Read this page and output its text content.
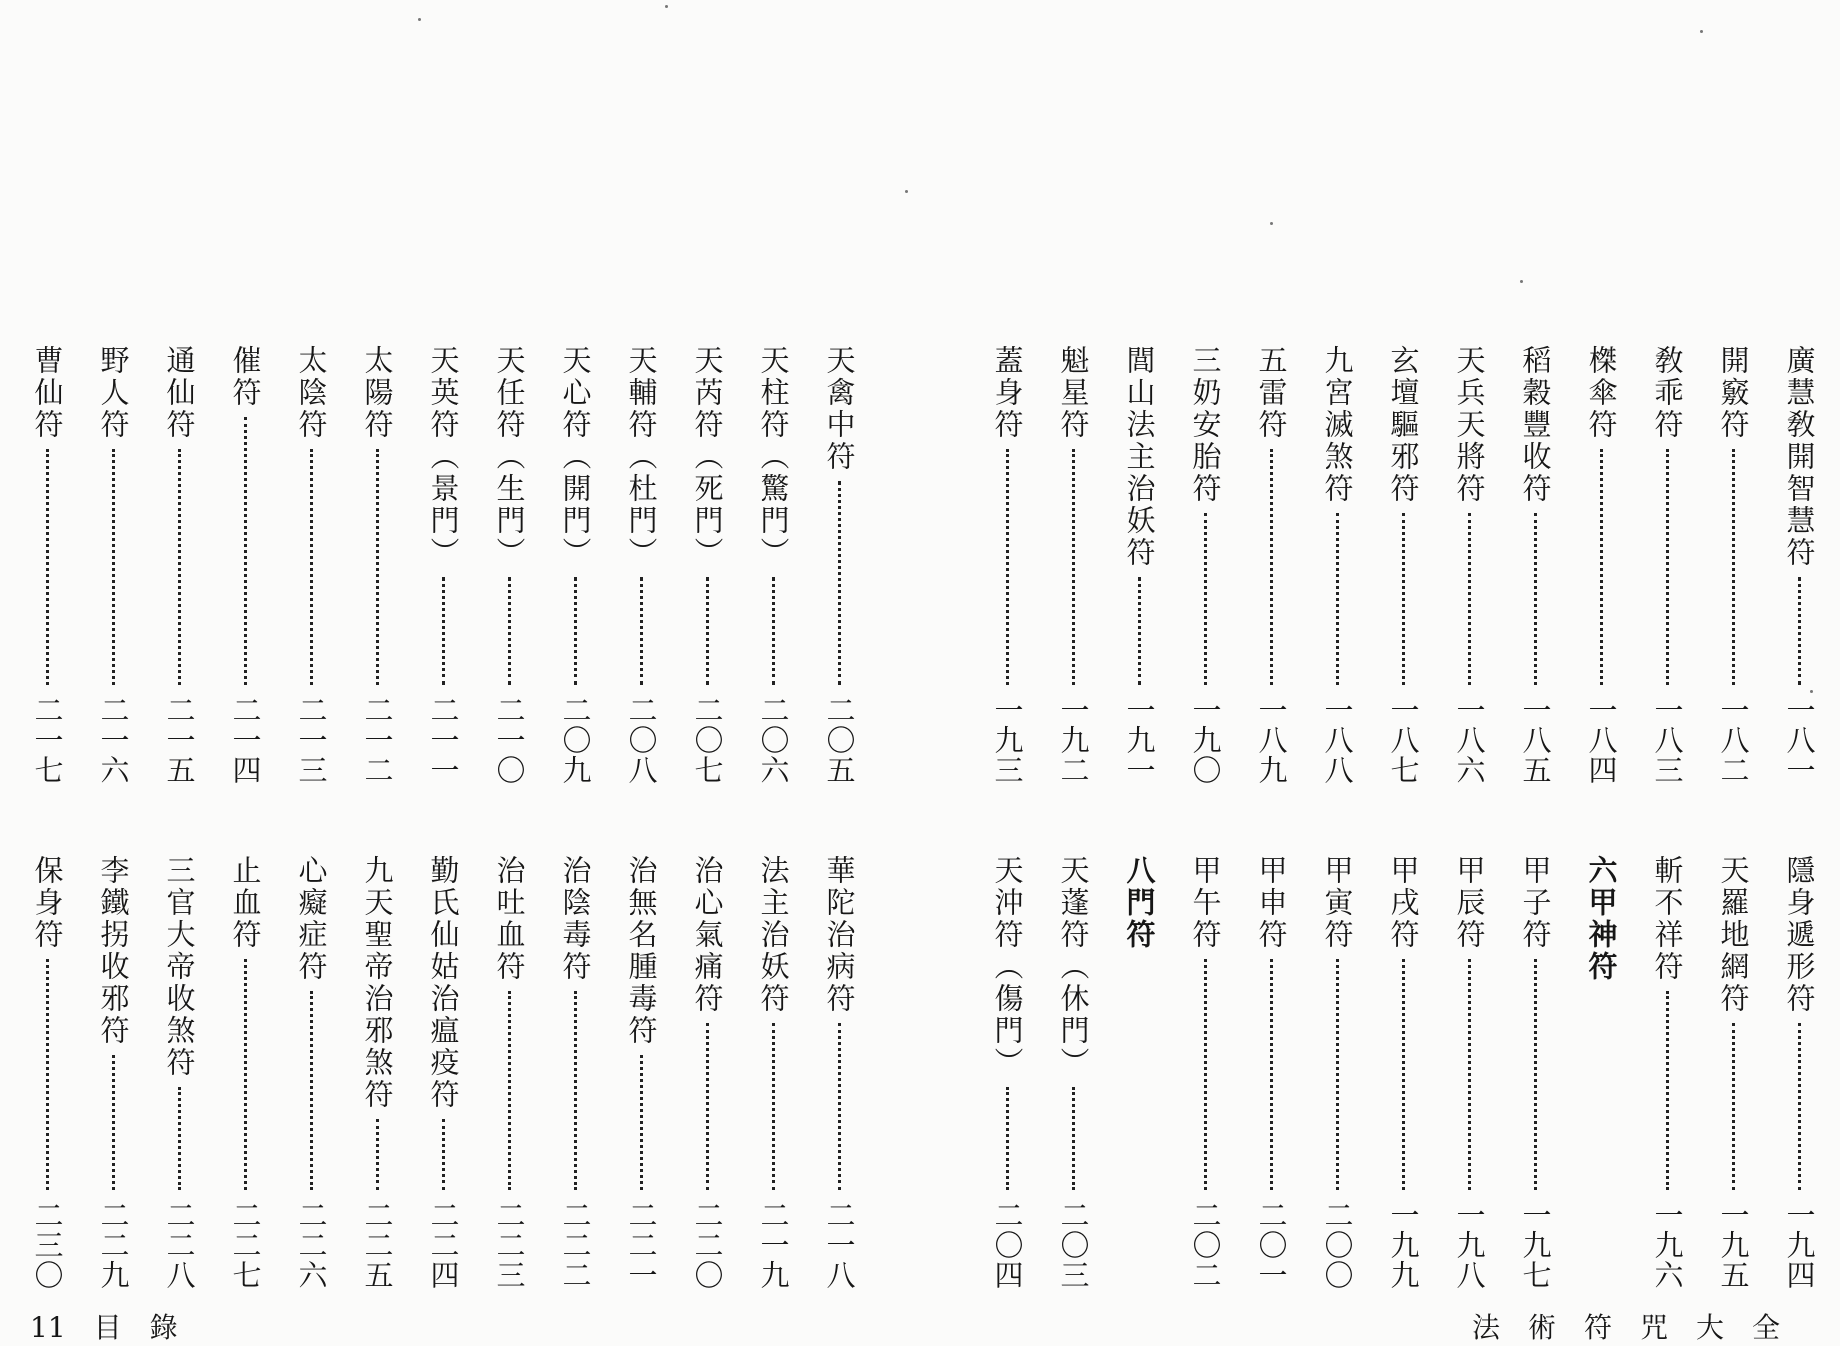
廣慧敎開智慧符
一八一
開竅符
一八二
敎乖符
一八三
榤傘符
一八四
稻穀豐收符
一八五
天兵天將符
一八六
玄壇驅邪符
一八七
九宮滅煞符
一八八
五雷符
一八九
三奶安胎符
一九〇
閭山法主治妖符
一九一
魁星符
一九二
蓋身符
一九三
天禽中符
二〇五
天柱符（驚門）
二〇六
天芮符（死門）
二〇七
天輔符（杜門）
二〇八
天心符（開門）
二〇九
天任符（生門）
二一〇
天英符（景門）
二一一
太陽符
二一二
太陰符
二一三
催符
二一四
通仙符
二一五
野人符
二一六
曹仙符
二一七
隱身遞形符
一九四
天羅地網符
一九五
斬不祥符
一九六
六甲神符
甲子符
一九七
甲辰符
一九八
甲戌符
一九九
甲寅符
二〇〇
甲申符
二〇一
甲午符
二〇二
八門符
天蓬符（休門）
二〇三
天沖符（傷門）
二〇四
華陀治病符
二一八
法主治妖符
二一九
治心氣痛符
二二〇
治無名腫毒符
二二一
治陰毒符
二二二
治吐血符
二二三
勤氏仙姑治瘟疫符
二二四
九天聖帝治邪煞符
二二五
心癡症符
二二六
止血符
二二七
三官大帝收煞符
二二八
李鐵拐收邪符
二二九
保身符
二三〇
11　目　錄	法　術　符　咒　大　全
